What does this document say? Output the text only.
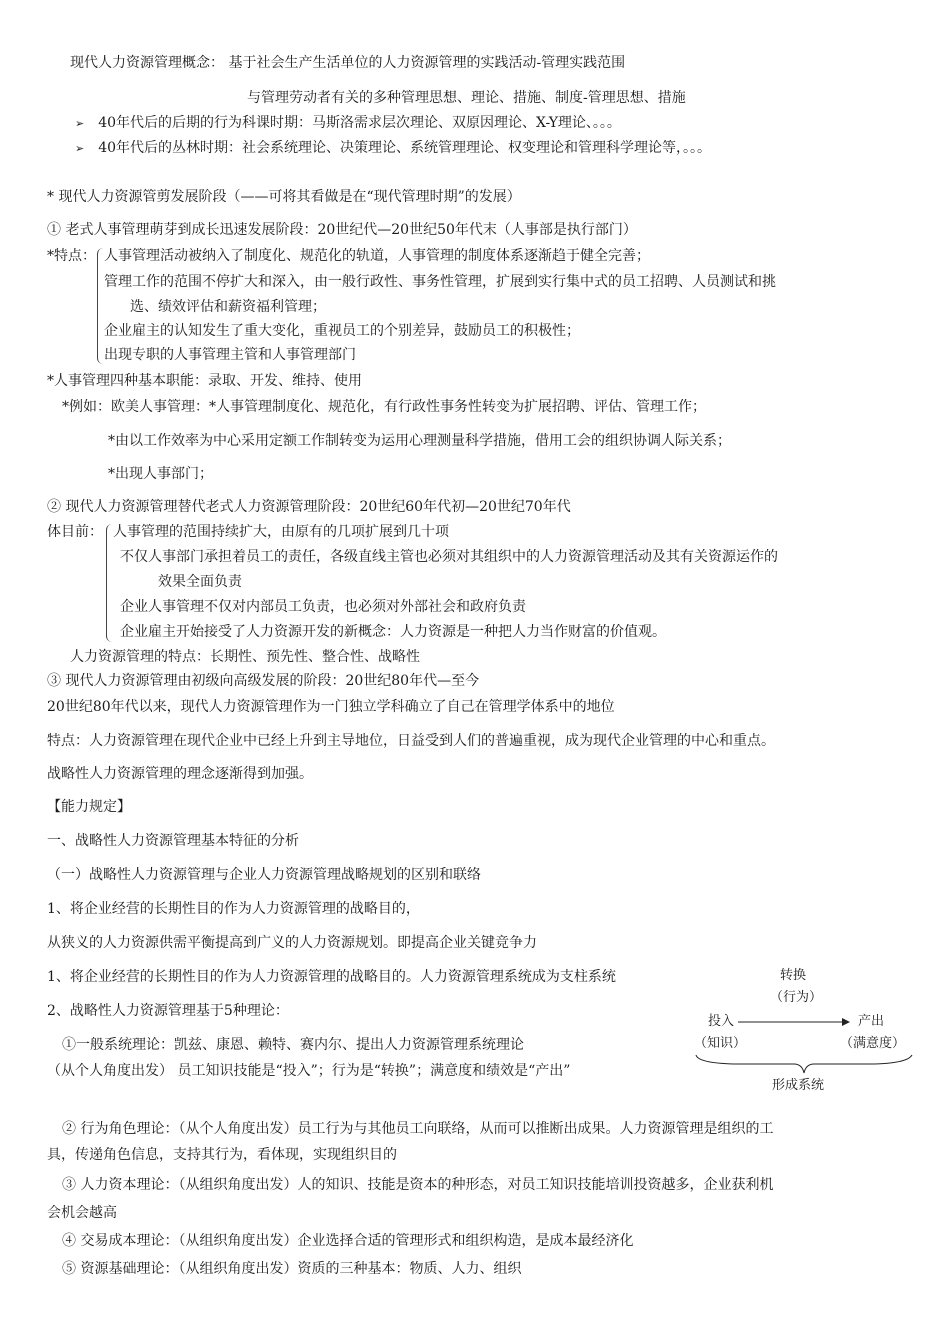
现代人力资源管理概念： 基于社会生产生活单位的人力资源管理的实践活动-管理实践范围
与管理劳动者有关的多种管理思想、理论、措施、制度-管理思想、措施
➢ 40年代后的后期的行为科课时期：马斯洛需求层次理论、双原因理论、X-Y理论、。。。
➢ 40年代后的丛林时期：社会系统理论、决策理论、系统管理理论、权变理论和管理科学理论等，。。。
* 现代人力资源管剪发展阶段（——可将其看做是在“现代管理时期”的发展）
① 老式人事管理萌芽到成长迅速发展阶段：20世纪代—20世纪50年代末（人事部是执行部门）
*特点： 人事管理活动被纳入了制度化、规范化的轨道，人事管理的制度体系逐渐趋于健全完善；
管理工作的范围不停扩大和深入，由一般行政性、事务性管理，扩展到实行集中式的员工招聘、人员测试和挑
选、绩效评估和薪资福利管理；
企业雇主的认知发生了重大变化，重视员工的个别差异，鼓励员工的积极性；
出现专职的人事管理主管和人事管理部门
*人事管理四种基本职能：录取、开发、维持、使用
*例如：欧美人事管理：*人事管理制度化、规范化，有行政性事务性转变为扩展招聘、评估、管理工作；
*由以工作效率为中心采用定额工作制转变为运用心理测量科学措施，借用工会的组织协调人际关系；
*出现人事部门；
② 现代人力资源管理替代老式人力资源管理阶段：20世纪60年代初—20世纪70年代
体目前： 人事管理的范围持续扩大，由原有的几项扩展到几十项
不仅人事部门承担着员工的责任，各级直线主管也必须对其组织中的人力资源管理活动及其有关资源运作的
效果全面负责
企业人事管理不仅对内部员工负责，也必须对外部社会和政府负责
企业雇主开始接受了人力资源开发的新概念：人力资源是一种把人力当作财富的价值观。
人力资源管理的特点：长期性、预先性、整合性、战略性
③ 现代人力资源管理由初级向高级发展的阶段：20世纪80年代—至今
20世纪80年代以来，现代人力资源管理作为一门独立学科确立了自己在管理学体系中的地位
特点：人力资源管理在现代企业中已经上升到主导地位，日益受到人们的普遍重视，成为现代企业管理的中心和重点。
战略性人力资源管理的理念逐渐得到加强。
【能力规定】
一、战略性人力资源管理基本特征的分析
（一）战略性人力资源管理与企业人力资源管理战略规划的区别和联络
1、将企业经营的长期性目的作为人力资源管理的战略目的，
从狭义的人力资源供需平衡提高到广义的人力资源规划。即提高企业关键竞争力
1、将企业经营的长期性目的作为人力资源管理的战略目的。人力资源管理系统成为支柱系统
2、战略性人力资源管理基于5种理论：
①一般系统理论：凯兹、康恩、赖特、赛内尔、提出人力资源管理系统理论
（从个人角度出发） 员工知识技能是“投入”；行为是“转换”；满意度和绩效是“产出”
② 行为角色理论：（从个人角度出发）员工行为与其他员工向联络，从而可以推断出成果。人力资源管理是组织的工
具，传递角色信息，支持其行为，看体现，实现组织目的
③ 人力资本理论：（从组织角度出发）人的知识、技能是资本的种形态，对员工知识技能培训投资越多，企业获利机
会机会越高
④ 交易成本理论：（从组织角度出发）企业选择合适的管理形式和组织构造，是成本最经济化
⑤ 资源基础理论：（从组织角度出发）资质的三种基本：物质、人力、组织
转换
（行为）
投入	产出
（知识）	（满意度）
形成系统
